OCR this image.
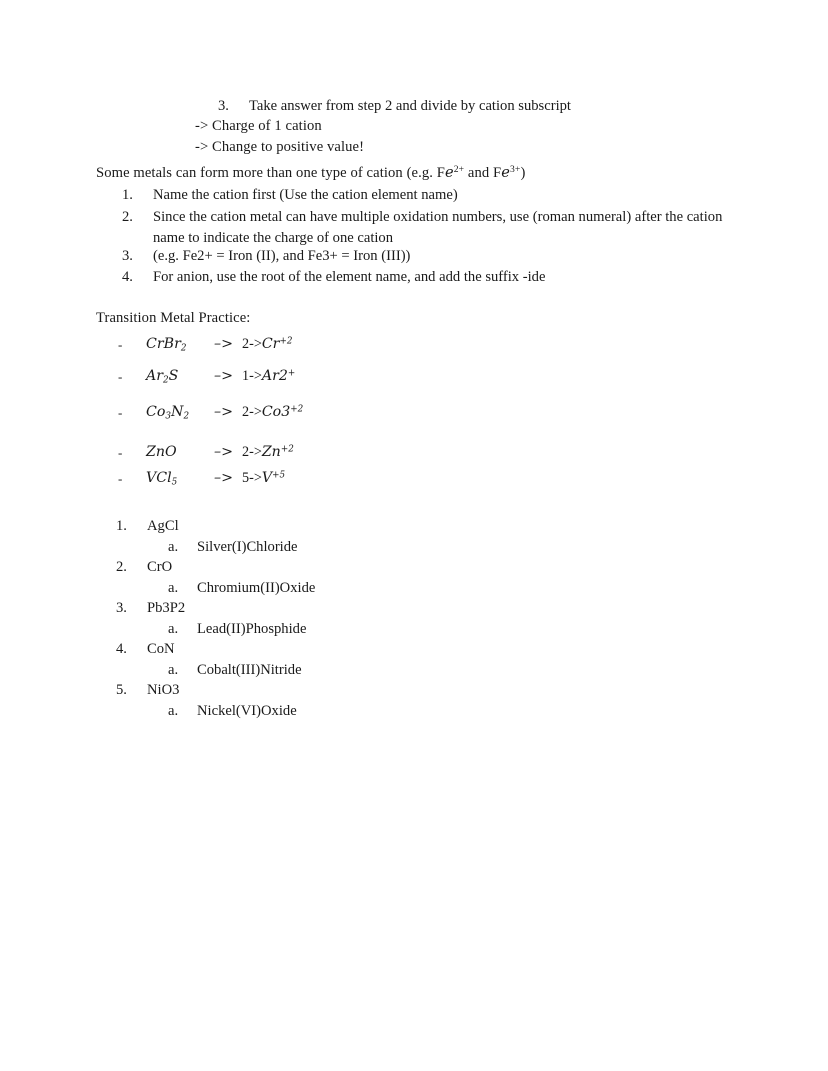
3.	Take answer from step 2 and divide by cation subscript
-> Charge of 1 cation
-> Change to positive value!
Some metals can form more than one type of cation (e.g. $Fe^{2+}$ and $Fe^{3+}$)
1.	Name the cation first (Use the cation element name)
2. Since the cation metal can have multiple oxidation numbers, use (roman numeral) after the cation name to indicate the charge of one cation
3.	(e.g. Fe2+ = Iron (II), and Fe3+ = Iron (III))
4.	For anion, use the root of the element name, and add the suffix -ide
Transition Metal Practice:
- CrBr$_2$	–> $2->Cr^{+2}$
- $Ar_2S$	–> 1->Ar2+
- $Co_3N_2$	–> $2->Co3^{+2}$
- ZnO	–> $2->Zn^{+2}$
- VCl$_5$	–> $5->V^{+5}$
1.	AgCl
a.	Silver(I)Chloride
2.	CrO
a.	Chromium(II)Oxide
3.	Pb3P2
a.	Lead(II)Phosphide
4.	CoN
a.	Cobalt(III)Nitride
5.	NiO3
a.	Nickel(VI)Oxide
